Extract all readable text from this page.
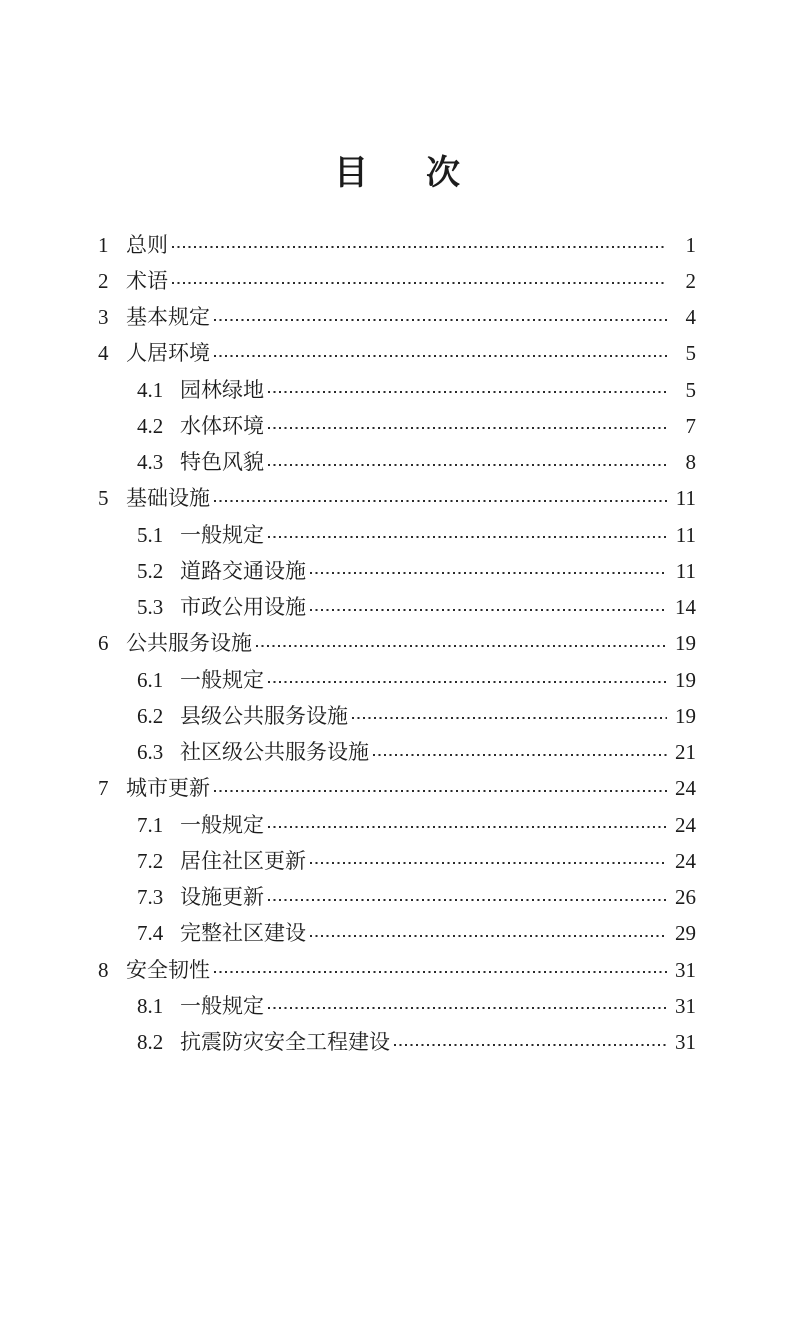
目 次
1 总则	1
2 术语	2
3 基本规定	4
4 人居环境	5
4.1 园林绿地	5
4.2 水体环境	7
4.3 特色风貌	8
5 基础设施	11
5.1 一般规定	11
5.2 道路交通设施	11
5.3 市政公用设施	14
6 公共服务设施	19
6.1 一般规定	19
6.2 县级公共服务设施	19
6.3 社区级公共服务设施	21
7 城市更新	24
7.1 一般规定	24
7.2 居住社区更新	24
7.3 设施更新	26
7.4 完整社区建设	29
8 安全韧性	31
8.1 一般规定	31
8.2 抗震防灾安全工程建设	31
